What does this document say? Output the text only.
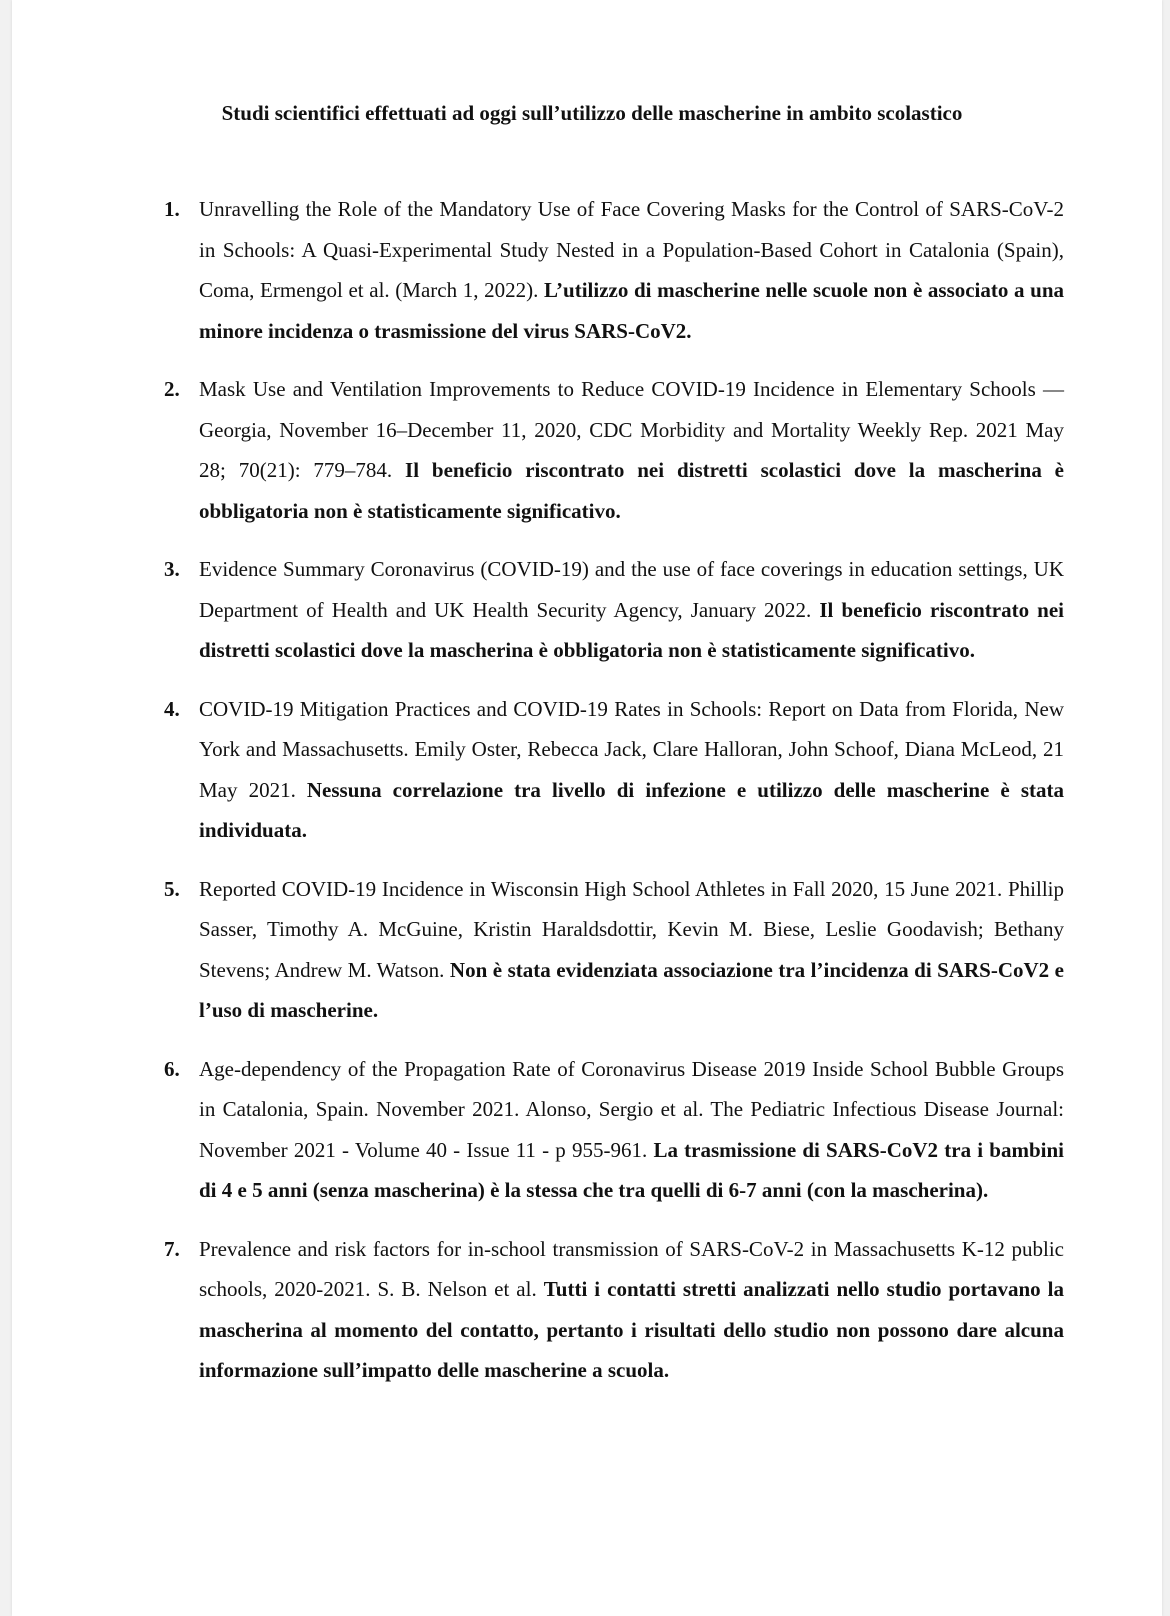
Studi scientifici effettuati ad oggi sull’utilizzo delle mascherine in ambito scolastico
1. Unravelling the Role of the Mandatory Use of Face Covering Masks for the Control of SARS-CoV-2 in Schools: A Quasi-Experimental Study Nested in a Population-Based Cohort in Catalonia (Spain), Coma, Ermengol et al. (March 1, 2022). L’utilizzo di mascherine nelle scuole non è associato a una minore incidenza o trasmissione del virus SARS-CoV2.
2. Mask Use and Ventilation Improvements to Reduce COVID-19 Incidence in Elementary Schools — Georgia, November 16–December 11, 2020, CDC Morbidity and Mortality Weekly Rep. 2021 May 28; 70(21): 779–784. Il beneficio riscontrato nei distretti scolastici dove la mascherina è obbligatoria non è statisticamente significativo.
3. Evidence Summary Coronavirus (COVID-19) and the use of face coverings in education settings, UK Department of Health and UK Health Security Agency, January 2022. Il beneficio riscontrato nei distretti scolastici dove la mascherina è obbligatoria non è statisticamente significativo.
4. COVID-19 Mitigation Practices and COVID-19 Rates in Schools: Report on Data from Florida, New York and Massachusetts. Emily Oster, Rebecca Jack, Clare Halloran, John Schoof, Diana McLeod, 21 May 2021. Nessuna correlazione tra livello di infezione e utilizzo delle mascherine è stata individuata.
5. Reported COVID-19 Incidence in Wisconsin High School Athletes in Fall 2020, 15 June 2021. Phillip Sasser, Timothy A. McGuine, Kristin Haraldsdottir, Kevin M. Biese, Leslie Goodavish; Bethany Stevens; Andrew M. Watson. Non è stata evidenziata associazione tra l’incidenza di SARS-CoV2 e l’uso di mascherine.
6. Age-dependency of the Propagation Rate of Coronavirus Disease 2019 Inside School Bubble Groups in Catalonia, Spain. November 2021. Alonso, Sergio et al. The Pediatric Infectious Disease Journal: November 2021 - Volume 40 - Issue 11 - p 955-961. La trasmissione di SARS-CoV2 tra i bambini di 4 e 5 anni (senza mascherina) è la stessa che tra quelli di 6-7 anni (con la mascherina).
7. Prevalence and risk factors for in-school transmission of SARS-CoV-2 in Massachusetts K-12 public schools, 2020-2021. S. B. Nelson et al. Tutti i contatti stretti analizzati nello studio portavano la mascherina al momento del contatto, pertanto i risultati dello studio non possono dare alcuna informazione sull’impatto delle mascherine a scuola.
